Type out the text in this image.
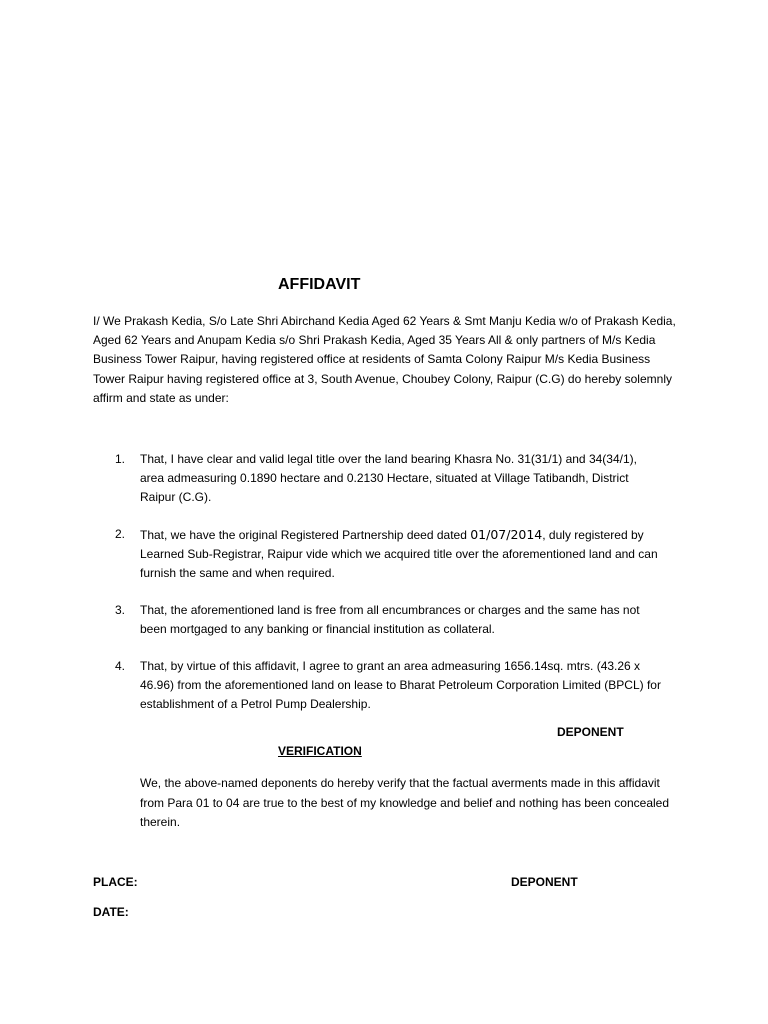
AFFIDAVIT

I/ We Prakash Kedia, S/o Late Shri Abirchand Kedia Aged 62 Years & Smt Manju Kedia w/o of Prakash Kedia, Aged 62 Years and Anupam Kedia s/o Shri Prakash Kedia, Aged 35 Years All & only partners of M/s Kedia Business Tower Raipur, having registered office at residents of Samta Colony Raipur M/s Kedia Business Tower Raipur having registered office at 3, South Avenue, Choubey Colony, Raipur (C.G) do hereby solemnly affirm and state as under:

1. That, I have clear and valid legal title over the land bearing Khasra No. 31(31/1) and 34(34/1), area admeasuring 0.1890 hectare and 0.2130 Hectare, situated at Village Tatibandh, District Raipur (C.G).
2. That, we have the original Registered Partnership deed dated 01/07/2014, duly registered by Learned Sub-Registrar, Raipur vide which we acquired title over the aforementioned land and can furnish the same and when required.
3. That, the aforementioned land is free from all encumbrances or charges and the same has not been mortgaged to any banking or financial institution as collateral.
4. That, by virtue of this affidavit, I agree to grant an area admeasuring 1656.14sq. mtrs. (43.26 x 46.96) from the aforementioned land on lease to Bharat Petroleum Corporation Limited (BPCL) for establishment of a Petrol Pump Dealership.

DEPONENT

VERIFICATION

We, the above-named deponents do hereby verify that the factual averments made in this affidavit from Para 01 to 04 are true to the best of my knowledge and belief and nothing has been concealed therein.

PLACE:	DEPONENT

DATE:
